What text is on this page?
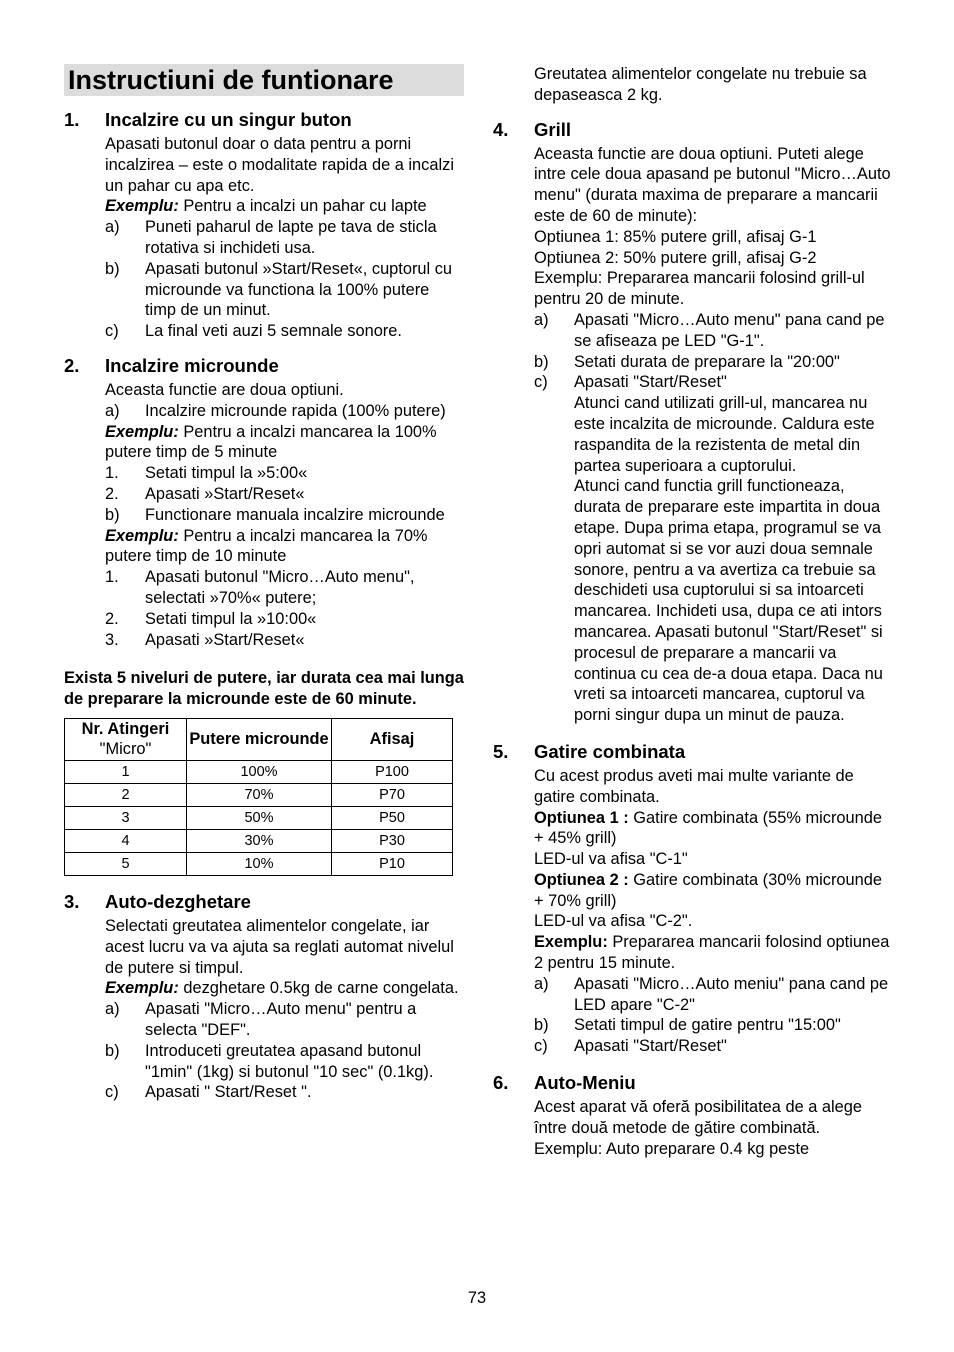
Instructiuni de funtionare
1.	Incalzire cu un singur buton

Apasati butonul doar o data pentru a porni incalzirea – este o modalitate rapida de a incalzi un pahar cu apa etc.

Exemplu: Pentru a incalzi un pahar cu lapte

a)	Puneti paharul de lapte pe tava de sticla rotativa si inchideti usa.
b)	Apasati butonul »Start/Reset«, cuptorul cu microunde va functiona la 100% putere timp de un minut.
c)	La final veti auzi 5 semnale sonore.
2.	Incalzire microunde

Aceasta functie are doua optiuni.

a)	Incalzire microunde rapida (100% putere)

Exemplu: Pentru a incalzi mancarea la 100% putere timp de 5 minute

1.	Setati timpul la »5:00«
2.	Apasati »Start/Reset«
b)	Functionare manuala incalzire microunde

Exemplu: Pentru a incalzi mancarea la 70% putere timp de 10 minute

1.	Apasati butonul "Micro…Auto menu", selectati »70%« putere;
2.	Setati timpul la »10:00«
3.	Apasati »Start/Reset«

Exista 5 niveluri de putere, iar durata cea mai lunga de preparare la microunde este de 60 minute.

Nr. Atingeri
"Micro"	Putere microunde	Afisaj
1	100%	P100
2	70%	P70
3	50%	P50
4	30%	P30
5	10%	P10
3.	Auto-dezghetare

Selectati greutatea alimentelor congelate, iar acest lucru va va ajuta sa reglati automat nivelul de putere si timpul.

Exemplu: dezghetare 0.5kg de carne congelata.

a)	Apasati "Micro…Auto menu" pentru a selecta "DEF".
b)	Introduceti greutatea apasand butonul "1min" (1kg) si butonul "10 sec" (0.1kg).
c)	Apasati " Start/Reset ".

Greutatea alimentelor congelate nu trebuie sa depaseasca 2 kg.

4.	Grill

Aceasta functie are doua optiuni. Puteti alege intre cele doua apasand pe butonul "Micro…Auto menu" (durata maxima de preparare a mancarii este de 60 de minute):

Optiunea 1: 85% putere grill, afisaj G-1

Optiunea 2: 50% putere grill, afisaj G-2

Exemplu: Prepararea mancarii folosind grill-ul pentru 20 de minute.

a)	Apasati "Micro…Auto menu" pana cand pe se afiseaza pe LED "G-1".
b)	Setati durata de preparare la "20:00"
c)	Apasati "Start/Reset"
Atunci cand utilizati grill-ul, mancarea nu este incalzita de microunde. Caldura este raspandita de la rezistenta de metal din partea superioara a cuptorului.
Atunci cand functia grill functioneaza, durata de preparare este impartita in doua etape. Dupa prima etapa, programul se va opri automat si se vor auzi doua semnale sonore, pentru a va avertiza ca trebuie sa deschideti usa cuptorului si sa intoarceti mancarea. Inchideti usa, dupa ce ati intors mancarea. Apasati butonul "Start/Reset" si procesul de preparare a mancarii va continua cu cea de-a doua etapa. Daca nu vreti sa intoarceti mancarea, cuptorul va porni singur dupa un minut de pauza.
5.	Gatire combinata

Cu acest produs aveti mai multe variante de gatire combinata.

Optiunea 1 : Gatire combinata (55% microunde + 45% grill)

LED-ul va afisa "C-1"

Optiunea 2 : Gatire combinata (30% microunde + 70% grill)

LED-ul va afisa "C-2".

Exemplu: Prepararea mancarii folosind optiunea 2 pentru 15 minute.

a)	Apasati "Micro…Auto meniu" pana cand pe LED apare "C-2"
b)	Setati timpul de gatire pentru "15:00"
c)	Apasati "Start/Reset"
6.	Auto-Meniu

Acest aparat vă oferă posibilitatea de a alege între două metode de gătire combinată.

Exemplu: Auto preparare 0.4 kg peste

73
